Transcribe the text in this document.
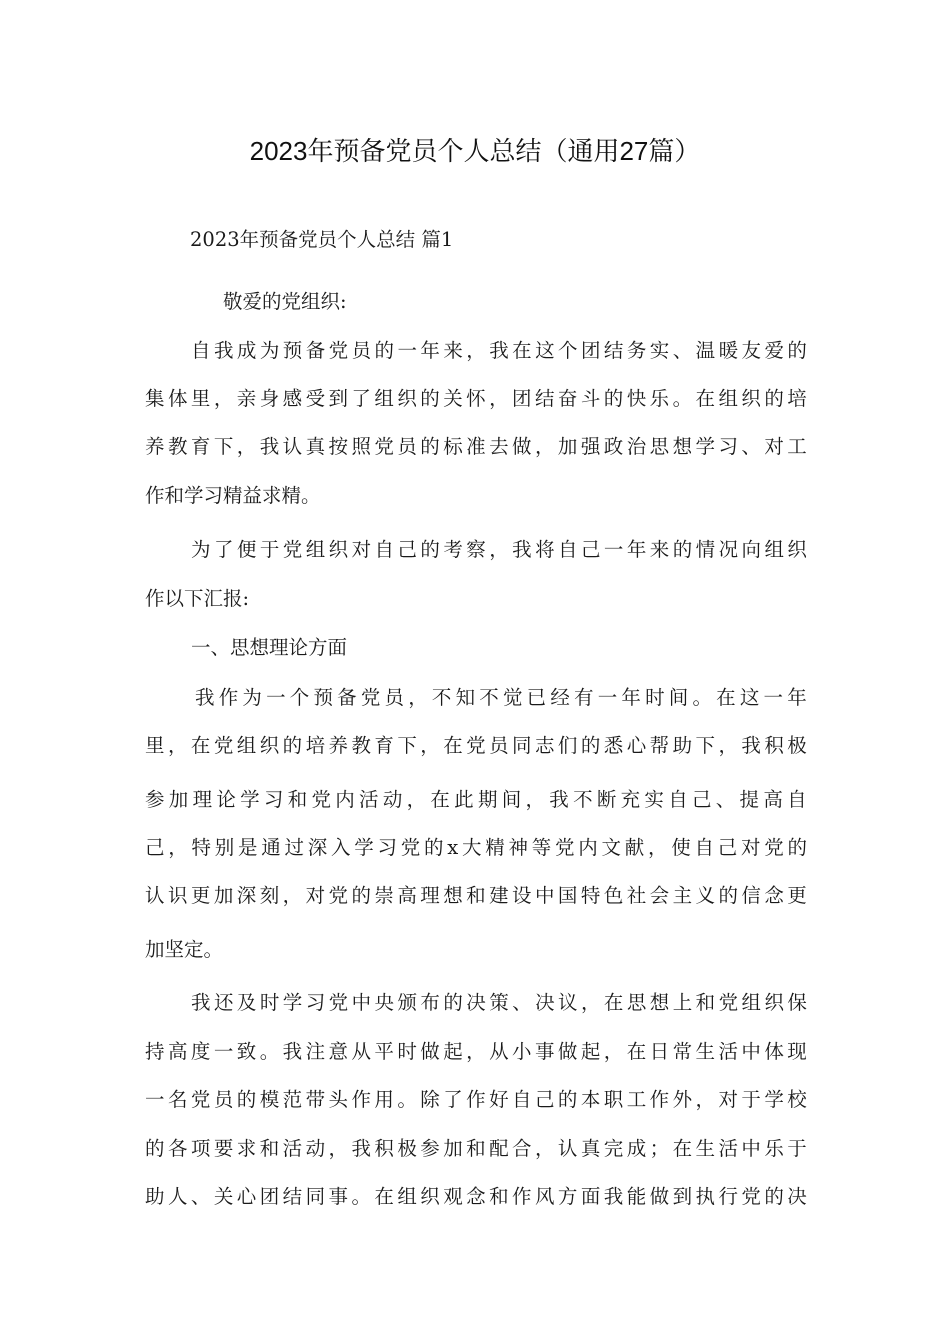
2023年预备党员个人总结（通用27篇）
2023年预备党员个人总结 篇1
敬爱的党组织:
自 我 成 为 预 备 党 员 的 一 年 来 ， 我 在 这 个 团 结 务 实 、 温 暖 友 爱 的
集 体 里 ， 亲 身 感 受 到 了 组 织 的 关 怀 ， 团 结 奋 斗 的 快 乐 。 在 组 织 的 培
养 教 育 下 ， 我 认 真 按 照 党 员 的 标 准 去 做 ， 加 强 政 治 思 想 学 习 、 对 工
作和学习精益求精。
为 了 便 于 党 组 织 对 自 己 的 考 察 ， 我 将 自 己 一 年 来 的 情 况 向 组 织
作以下汇报:
一、思想理论方面
我 作 为 一 个 预 备 党 员 ， 不 知 不 觉 已 经 有 一 年 时 间 。 在 这 一 年
里 ， 在 党 组 织 的 培 养 教 育 下 ， 在 党 员 同 志 们 的 悉 心 帮 助 下 ， 我 积 极
参 加 理 论 学 习 和 党 内 活 动 ， 在 此 期 间 ， 我 不 断 充 实 自 己 、 提 高 自
己 ， 特 别 是 通 过 深 入 学 习 党 的 x 大 精 神 等 党 内 文 献 ， 使 自 己 对 党 的
认 识 更 加 深 刻 ， 对 党 的 崇 高 理 想 和 建 设 中 国 特 色 社 会 主 义 的 信 念 更
加坚定。
我 还 及 时 学 习 党 中 央 颁 布 的 决 策 、 决 议 ， 在 思 想 上 和 党 组 织 保
持 高 度 一 致 。 我 注 意 从 平 时 做 起 ， 从 小 事 做 起 ， 在 日 常 生 活 中 体 现
一 名 党 员 的 模 范 带 头 作 用 。 除 了 作 好 自 己 的 本 职 工 作 外 ， 对 于 学 校
的 各 项 要 求 和 活 动 ， 我 积 极 参 加 和 配 合 ， 认 真 完 成 ； 在 生 活 中 乐 于
助 人 、 关 心 团 结 同 事 。 在 组 织 观 念 和 作 风 方 面 我 能 做 到 执 行 党 的 决
